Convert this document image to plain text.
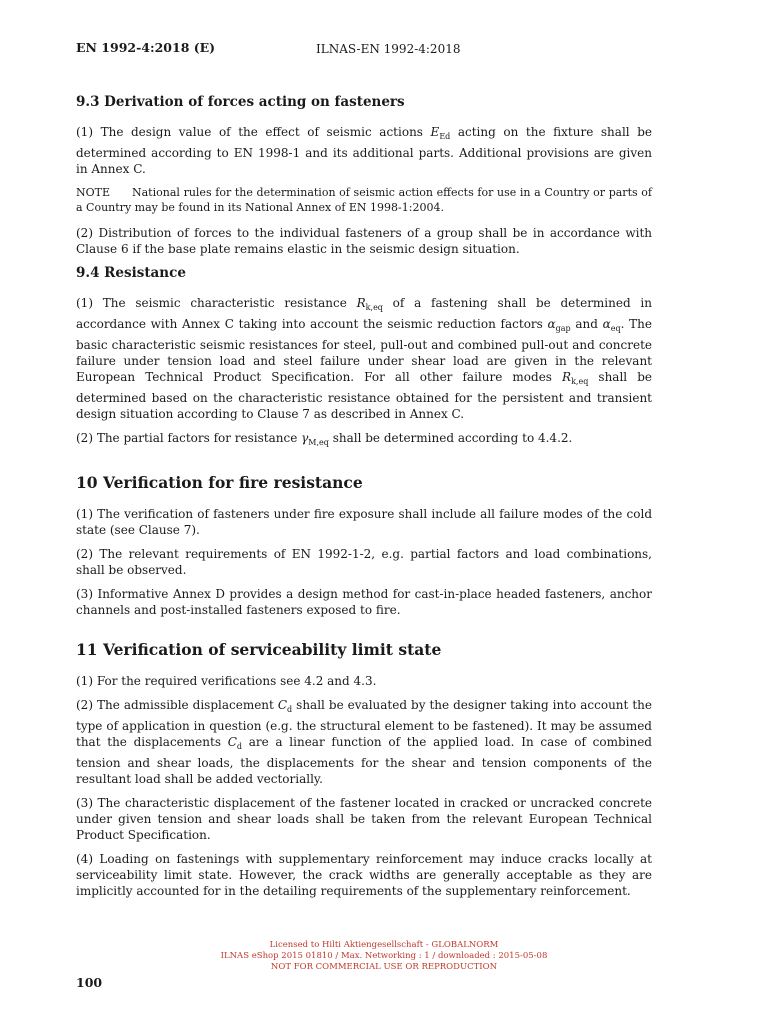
EN 1992-4:2018 (E)	ILNAS-EN 1992-4:2018
9.3 Derivation of forces acting on fasteners

(1) The design value of the effect of seismic actions $E_{Ed}$ acting on the fixture shall be determined according to EN 1998-1 and its additional parts. Additional provisions are given in Annex C.

NOTE National rules for the determination of seismic action effects for use in a Country or parts of a Country may be found in its National Annex of EN 1998-1:2004.

(2) Distribution of forces to the individual fasteners of a group shall be in accordance with Clause 6 if the base plate remains elastic in the seismic design situation.

9.4 Resistance

(1) The seismic characteristic resistance $R_{k,eq}$ of a fastening shall be determined in accordance with Annex C taking into account the seismic reduction factors $\alpha_{gap}$ and $\alpha_{eq}$. The basic characteristic seismic resistances for steel, pull-out and combined pull-out and concrete failure under tension load and steel failure under shear load are given in the relevant European Technical Product Specification. For all other failure modes $R_{k,eq}$ shall be determined based on the characteristic resistance obtained for the persistent and transient design situation according to Clause 7 as described in Annex C.

(2) The partial factors for resistance $\gamma_{M,eq}$ shall be determined according to 4.4.2.

10 Verification for fire resistance

(1) The verification of fasteners under fire exposure shall include all failure modes of the cold state (see Clause 7).

(2) The relevant requirements of EN 1992-1-2, e.g. partial factors and load combinations, shall be observed.

(3) Informative Annex D provides a design method for cast-in-place headed fasteners, anchor channels and post-installed fasteners exposed to fire.

11 Verification of serviceability limit state

(1) For the required verifications see 4.2 and 4.3.

(2) The admissible displacement $C_d$ shall be evaluated by the designer taking into account the type of application in question (e.g. the structural element to be fastened). It may be assumed that the displacements $C_d$ are a linear function of the applied load. In case of combined tension and shear loads, the displacements for the shear and tension components of the resultant load shall be added vectorially.

(3) The characteristic displacement of the fastener located in cracked or uncracked concrete under given tension and shear loads shall be taken from the relevant European Technical Product Specification.

(4) Loading on fastenings with supplementary reinforcement may induce cracks locally at serviceability limit state. However, the crack widths are generally acceptable as they are implicitly accounted for in the detailing requirements of the supplementary reinforcement.

Licensed to Hilti Aktiengesellschaft - GLOBALNORM
ILNAS eShop 2015 01810 / Max. Networking : 1 / downloaded : 2015-05-08
NOT FOR COMMERCIAL USE OR REPRODUCTION
100
